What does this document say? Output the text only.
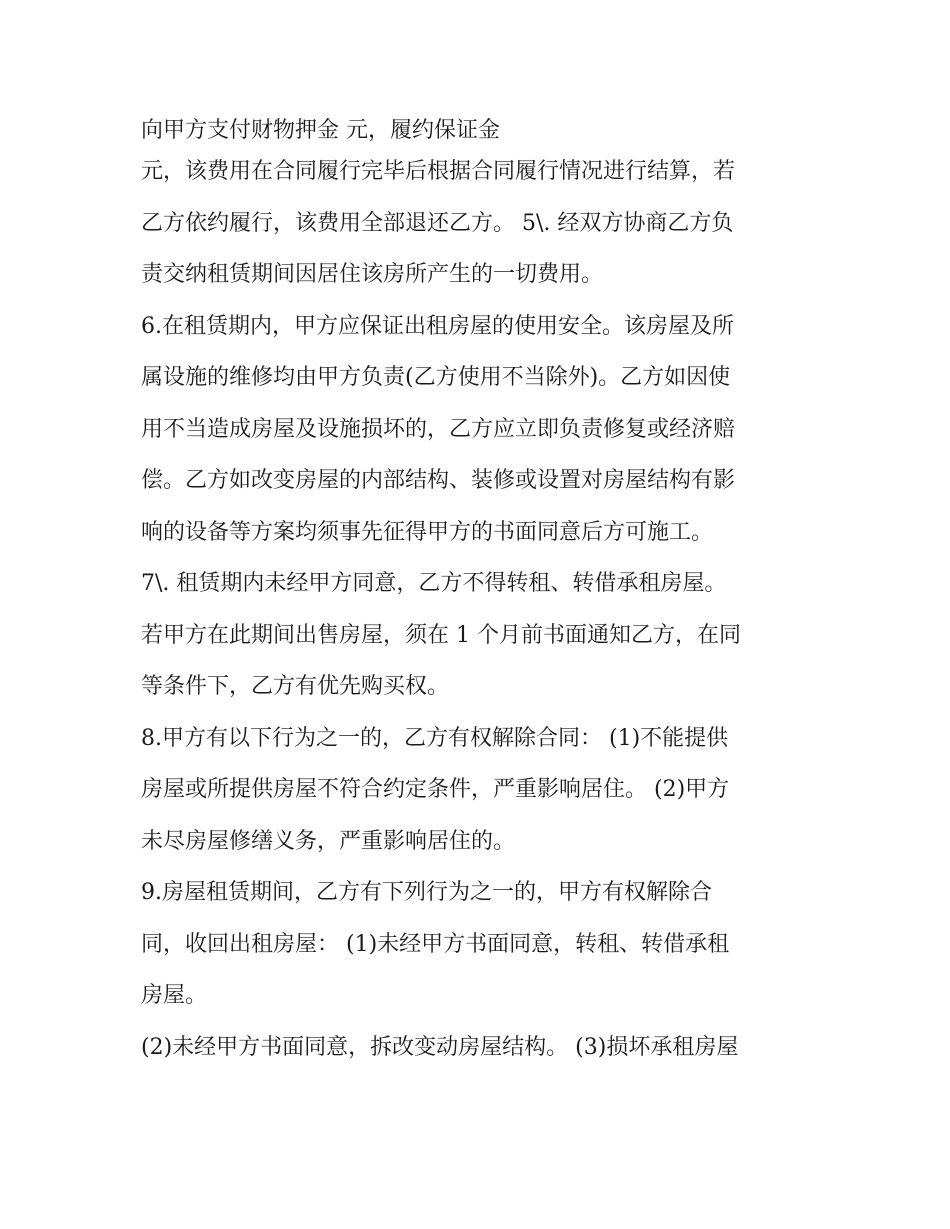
向甲方支付财物押金 元，履约保证金
元，该费用在合同履行完毕后根据合同履行情况进行结算，若
乙方依约履行，该费用全部退还乙方。 5\. 经双方协商乙方负
责交纳租赁期间因居住该房所产生的一切费用。
6.在租赁期内，甲方应保证出租房屋的使用安全。该房屋及所
属设施的维修均由甲方负责(乙方使用不当除外)。乙方如因使
用不当造成房屋及设施损坏的，乙方应立即负责修复或经济赔
偿。乙方如改变房屋的内部结构、装修或设置对房屋结构有影
响的设备等方案均须事先征得甲方的书面同意后方可施工。
7\. 租赁期内未经甲方同意，乙方不得转租、转借承租房屋。
若甲方在此期间出售房屋，须在 1 个月前书面通知乙方，在同
等条件下，乙方有优先购买权。
8.甲方有以下行为之一的，乙方有权解除合同： (1)不能提供
房屋或所提供房屋不符合约定条件，严重影响居住。 (2)甲方
未尽房屋修缮义务，严重影响居住的。
9.房屋租赁期间，乙方有下列行为之一的，甲方有权解除合
同，收回出租房屋： (1)未经甲方书面同意，转租、转借承租
房屋。
(2)未经甲方书面同意，拆改变动房屋结构。 (3)损坏承租房屋
